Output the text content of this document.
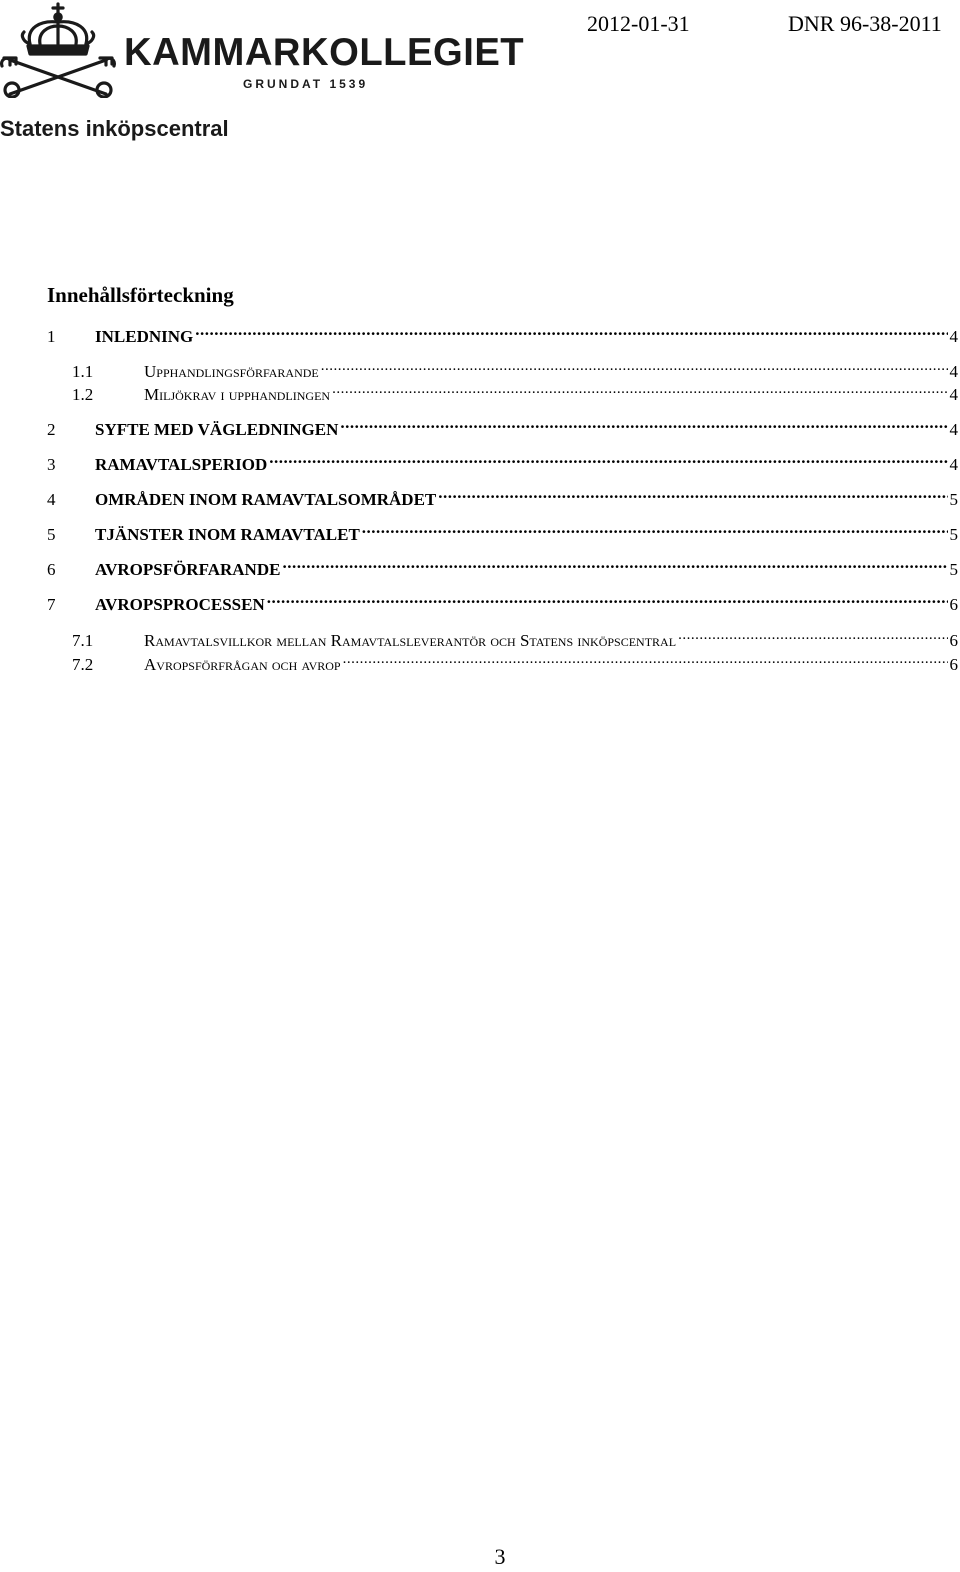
KAMMARKOLLEGIET
GRUNDAT 1539
2012-01-31	DNR 96-38-2011
Statens inköpscentral
Innehållsförteckning
1	INLEDNING .....	4
1.1	Upphandlingsförfarande .....	4
1.2	Miljökrav i upphandlingen .....	4
2	SYFTE MED VÄGLEDNINGEN .....	4
3	RAMAVTALSPERIOD .....	4
4	OMRÅDEN INOM RAMAVTALSOMRÅDET .....	5
5	TJÄNSTER INOM RAMAVTALET .....	5
6	AVROPSFÖRFARANDE .....	5
7	AVROPSPROCESSEN .....	6
7.1	Ramavtalsvillkor mellan Ramavtalsleverantör och Statens inköpscentral .....	6
7.2	Avropsförfrågan och avrop .....	6
3
